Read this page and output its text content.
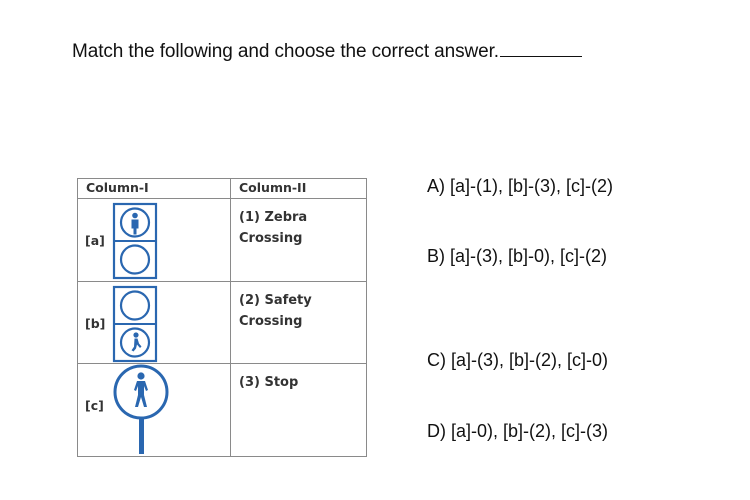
Match the following and choose the correct answer.
Column-I	Column-II

[a]	(1) Zebra Crossing

[b]	(2) Safety Crossing

[c]	(3) Stop
A) [a]-(1), [b]-(3), [c]-(2)
B) [a]-(3), [b]-0), [c]-(2)
C) [a]-(3), [b]-(2), [c]-0)
D) [a]-0), [b]-(2), [c]-(3)
